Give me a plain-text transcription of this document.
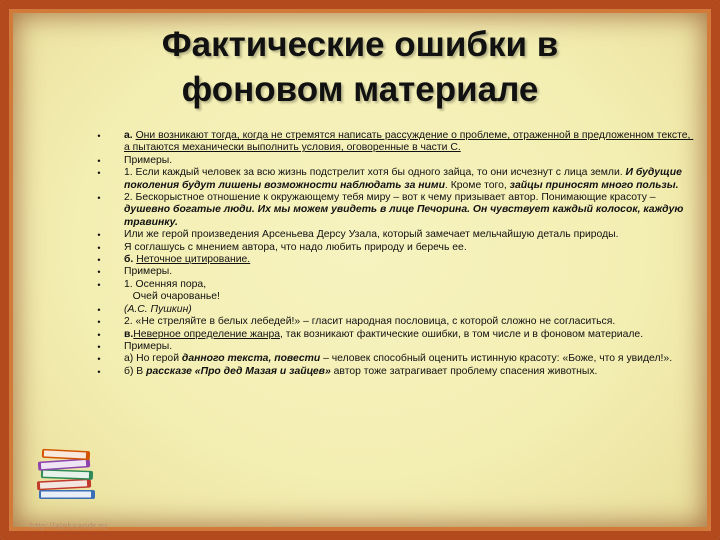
Фактические ошибки в
фоновом материале
•	а. Они возникают тогда, когда не стремятся написать рассуждение о проблеме, отраженной в предложенном тексте, а пытаются механически выполнить условия, оговоренные в части С.
•	Примеры.
•	1. Если каждый человек за всю жизнь подстрелит хотя бы одного зайца, то они исчезнут с лица земли. И будущие поколения будут лишены возможности наблюдать за ними. Кроме того, зайцы приносят много пользы.
•	2. Бескорыстное отношение к окружающему тебя миру – вот к чему призывает автор. Понимающие красоту – душевно богатые люди. Их мы можем увидеть в лице Печорина. Он чувствует каждый колосок, каждую травинку.
•	Или же герой произведения Арсеньева Дерсу Узала, который замечает мельчайшую деталь природы.
•	Я соглашусь с мнением автора, что надо любить природу и беречь ее.
•	б. Неточное цитирование.
•	Примеры.
•	1. Осенняя пора,
Очей очарованье!
•	(А.С. Пушкин)
•	2. «Не стреляйте в белых лебедей!» – гласит народная пословица, с которой сложно не согласиться.
•	в.Неверное определение жанра, так возникают фактические ошибки, в том числе и в фоновом материале.
•	Примеры.
•	а) Но герой данного текста, повести – человек способный оценить истинную красоту: «Боже, что я увидел!».
•	б) В рассказе «Про дед Мазая и зайцев» автор тоже затрагивает проблему спасения животных.
http://aleksandr.ru
